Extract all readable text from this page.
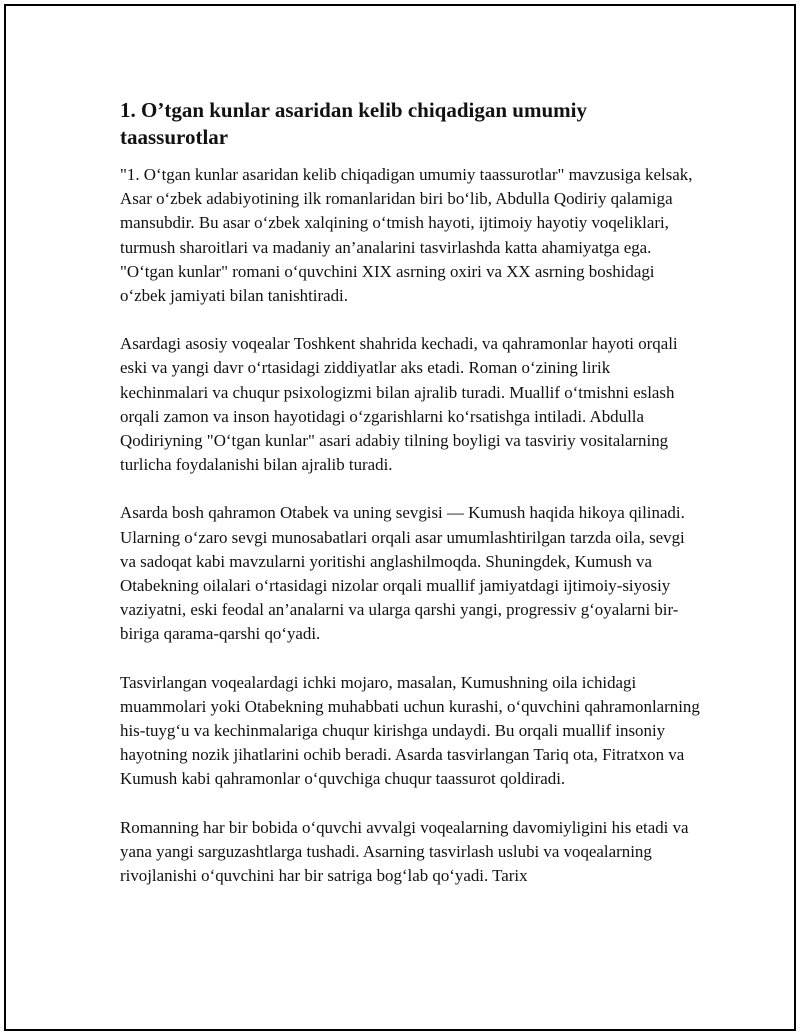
1. O’tgan kunlar asaridan kelib chiqadigan umumiy taassurotlar

"1. O‘tgan kunlar asaridan kelib chiqadigan umumiy taassurotlar" mavzusiga kelsak, Asar o‘zbek adabiyotining ilk romanlaridan biri bo‘lib, Abdulla Qodiriy qalamiga mansubdir. Bu asar o‘zbek xalqining o‘tmish hayoti, ijtimoiy hayotiy voqeliklari, turmush sharoitlari va madaniy an’analarini tasvirlashda katta ahamiyatga ega. "O‘tgan kunlar" romani o‘quvchini XIX asrning oxiri va XX asrning boshidagi o‘zbek jamiyati bilan tanishtiradi.

Asardagi asosiy voqealar Toshkent shahrida kechadi, va qahramonlar hayoti orqali eski va yangi davr o‘rtasidagi ziddiyatlar aks etadi. Roman o‘zining lirik kechinmalari va chuqur psixologizmi bilan ajralib turadi. Muallif o‘tmishni eslash orqali zamon va inson hayotidagi o‘zgarishlarni ko‘rsatishga intiladi. Abdulla Qodiriyning "O‘tgan kunlar" asari adabiy tilning boyligi va tasviriy vositalarning turlicha foydalanishi bilan ajralib turadi.

Asarda bosh qahramon Otabek va uning sevgisi — Kumush haqida hikoya qilinadi. Ularning o‘zaro sevgi munosabatlari orqali asar umumlashtirilgan tarzda oila, sevgi va sadoqat kabi mavzularni yoritishi anglashilmoqda. Shuningdek, Kumush va Otabekning oilalari o‘rtasidagi nizolar orqali muallif jamiyatdagi ijtimoiy-siyosiy vaziyatni, eski feodal an’analarni va ularga qarshi yangi, progressiv g‘oyalarni bir-biriga qarama-qarshi qo‘yadi.

Tasvirlangan voqealardagi ichki mojaro, masalan, Kumushning oila ichidagi muammolari yoki Otabekning muhabbati uchun kurashi, o‘quvchini qahramonlarning his-tuyg‘u va kechinmalariga chuqur kirishga undaydi. Bu orqali muallif insoniy hayotning nozik jihatlarini ochib beradi. Asarda tasvirlangan Tariq ota, Fitratxon va Kumush kabi qahramonlar o‘quvchiga chuqur taassurot qoldiradi.

Romanning har bir bobida o‘quvchi avvalgi voqealarning davomiyligini his etadi va yana yangi sarguzashtlarga tushadi. Asarning tasvirlash uslubi va voqealarning rivojlanishi o‘quvchini har bir satriga bog‘lab qo‘yadi. Tarix
